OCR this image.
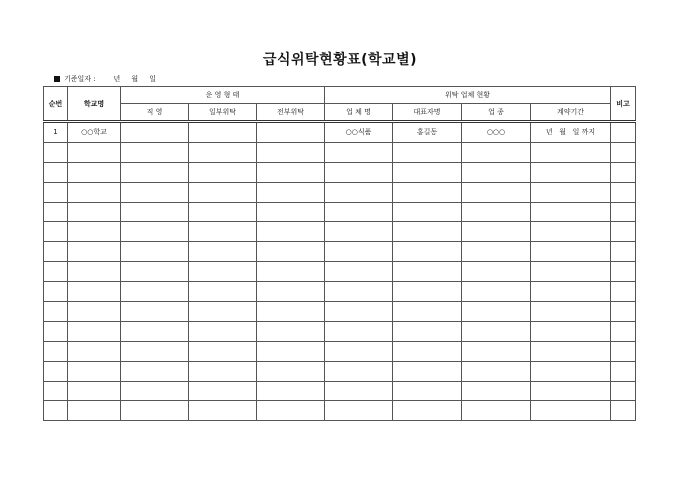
급식위탁현황표(학교별)
기준일자 :	년 월 일
순번	학교명	운 영 형 태			위탁 업체 현황				비고
		직 영	일부위탁	전부위탁	업 체 명	대표자명	업 종	계약기간	
1	○○학교				○○식품	홍길동	○○○	년   월   일 까지	
